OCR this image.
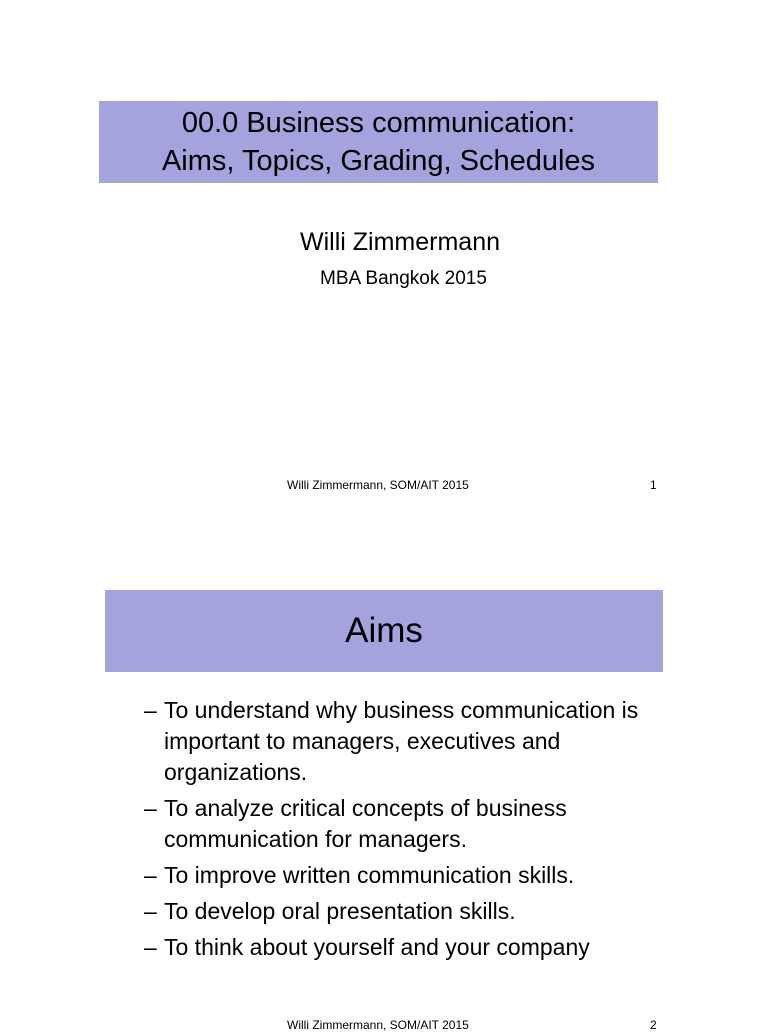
00.0 Business communication:
Aims, Topics, Grading, Schedules
Willi Zimmermann
MBA Bangkok 2015
Willi Zimmermann, SOM/AIT 2015	1
Aims
– To understand why business communication is important to managers, executives and organizations.
– To analyze critical concepts of business communication for managers.
– To improve written communication skills.
– To develop oral presentation skills.
– To think about yourself and your company
Willi Zimmermann, SOM/AIT 2015	2
